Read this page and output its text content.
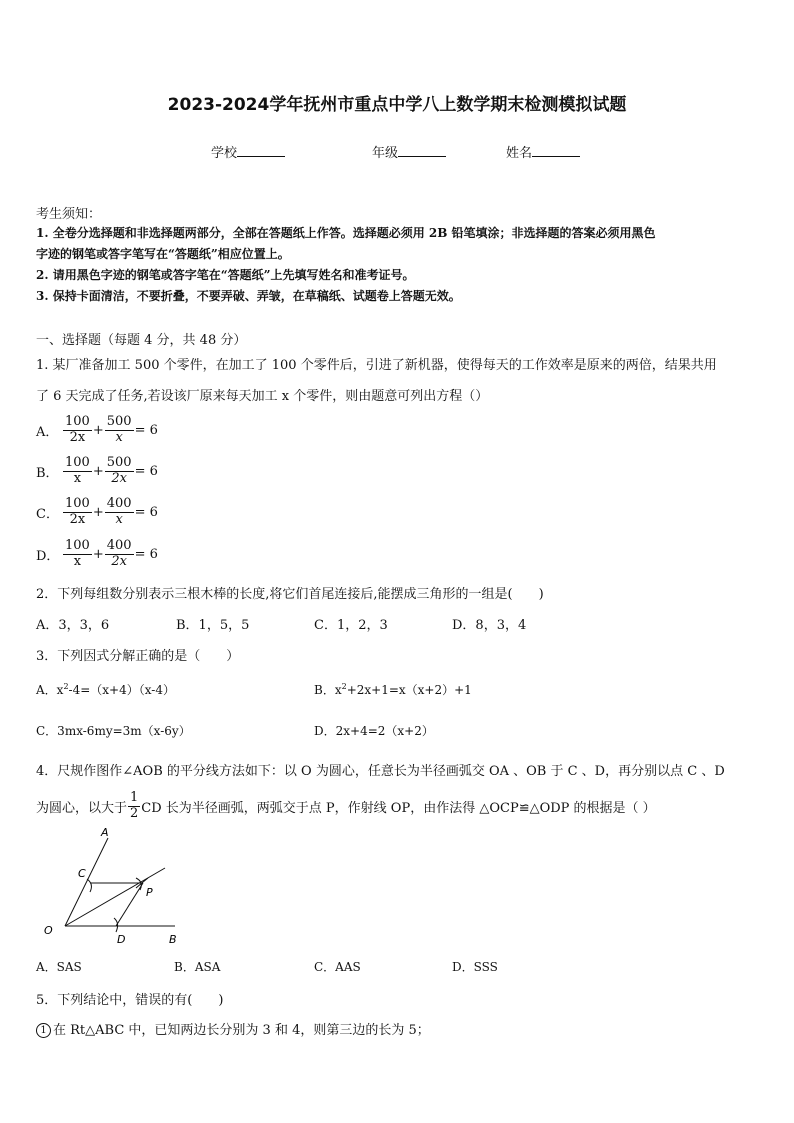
2023-2024学年抚州市重点中学八上数学期末检测模拟试题
学校	年级	姓名
考生须知：
1. 全卷分选择题和非选择题两部分，全部在答题纸上作答。选择题必须用 2B 铅笔填涂；非选择题的答案必须用黑色
字迹的钢笔或答字笔写在“答题纸”相应位置上。
2. 请用黑色字迹的钢笔或答字笔在“答题纸”上先填写姓名和准考证号。
3. 保持卡面清洁，不要折叠，不要弄破、弄皱，在草稿纸、试题卷上答题无效。
一、选择题（每题 4 分，共 48 分）
1. 某厂准备加工 500 个零件，在加工了 100 个零件后，引进了新机器，使得每天的工作效率是原来的两倍，结果共用
了 6 天完成了任务,若设该厂原来每天加工 x 个零件，则由题意可列出方程（）
A． $\frac{100}{2x} + \frac{500}{x} = 6$
B． $\frac{100}{x} + \frac{500}{2x} = 6$
C． $\frac{100}{2x} + \frac{400}{x} = 6$
D． $\frac{100}{x} + \frac{400}{2x} = 6$
2．下列每组数分别表示三根木棒的长度,将它们首尾连接后,能摆成三角形的一组是(　　)
A．3，3，6	B．1，5，5	C．1，2，3	D．8，3，4
3．下列因式分解正确的是（　　）
A．$x^2-4=(x+4)(x-4)$	B．$x^2+2x+1=x(x+2)+1$
C．3mx-6my=3m（x-6y）	D．2x+4=2（x+2）
4．尺规作图作∠AOB 的平分线方法如下：以 O 为圆心，任意长为半径画弧交 OA 、OB 于 C 、D，再分别以点 C 、D
为圆心，以大于 $\frac{1}{2}$ CD 长为半径画弧，两弧交于点 P，作射线 OP，由作法得 △OCP≌△ODP 的根据是（ ）
A
B
C
D
O
P
A．SAS	B．ASA	C．AAS	D．SSS
5．下列结论中，错误的有(　　)
1 在 Rt△ABC 中，已知两边长分别为 3 和 4，则第三边的长为 5；
